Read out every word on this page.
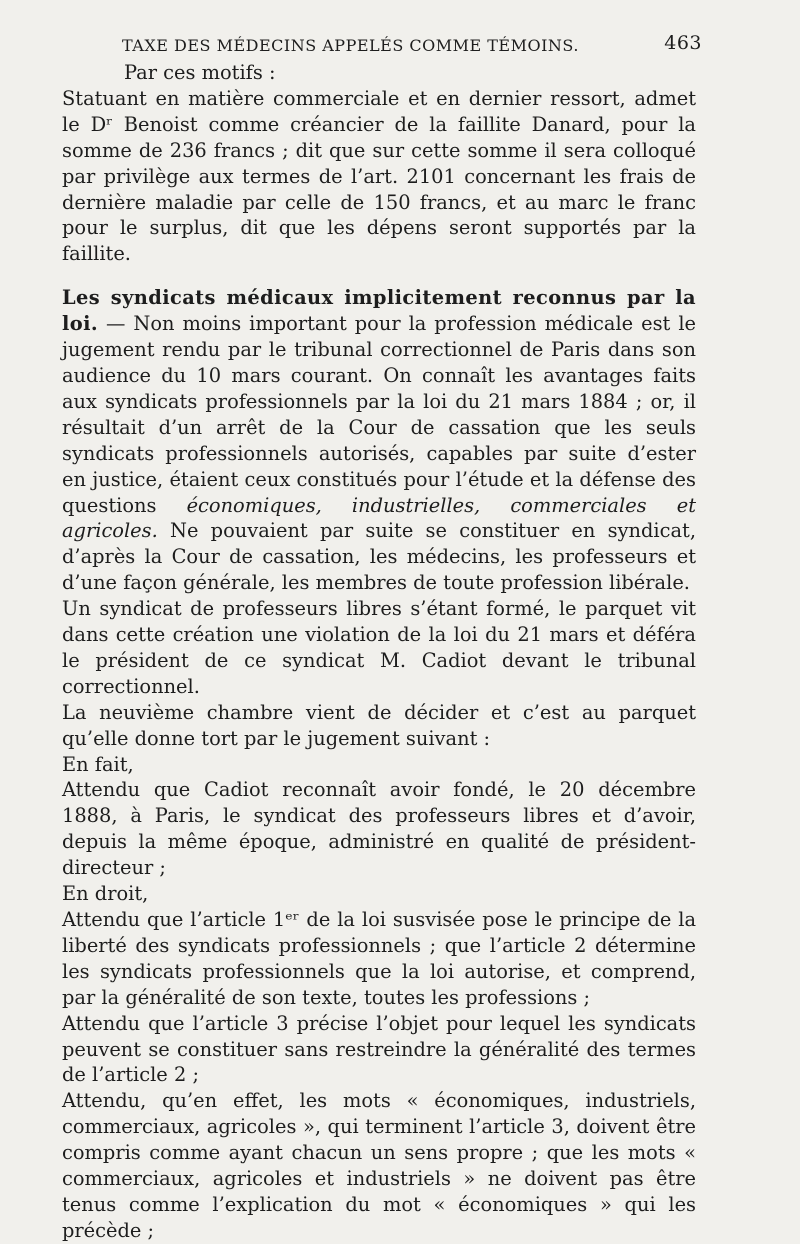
TAXE DES MÉDECINS APPELÉS COMME TÉMOINS.	463

Par ces motifs :

Statuant en matière commerciale et en dernier ressort, admet le Dʳ Benoist comme créancier de la faillite Danard, pour la somme de 236 francs ; dit que sur cette somme il sera colloqué par privilège aux termes de l’art. 2101 concernant les frais de dernière maladie par celle de 150 francs, et au marc le franc pour le surplus, dit que les dépens seront supportés par la faillite.

Les syndicats médicaux implicitement reconnus par la loi. — Non moins important pour la profession médicale est le jugement rendu par le tribunal correctionnel de Paris dans son audience du 10 mars courant. On connaît les avantages faits aux syndicats professionnels par la loi du 21 mars 1884 ; or, il résultait d’un arrêt de la Cour de cassation que les seuls syndicats professionnels autorisés, capables par suite d’ester en justice, étaient ceux constitués pour l’étude et la défense des questions économiques, industrielles, commerciales et agricoles. Ne pouvaient par suite se constituer en syndicat, d’après la Cour de cassation, les médecins, les professeurs et d’une façon générale, les membres de toute profession libérale.

Un syndicat de professeurs libres s’étant formé, le parquet vit dans cette création une violation de la loi du 21 mars et déféra le président de ce syndicat M. Cadiot devant le tribunal correctionnel.

La neuvième chambre vient de décider et c’est au parquet qu’elle donne tort par le jugement suivant :

En fait,

Attendu que Cadiot reconnaît avoir fondé, le 20 décembre 1888, à Paris, le syndicat des professeurs libres et d’avoir, depuis la même époque, administré en qualité de président-directeur ;

En droit,

Attendu que l’article 1ᵉʳ de la loi susvisée pose le principe de la liberté des syndicats professionnels ; que l’article 2 détermine les syndicats professionnels que la loi autorise, et comprend, par la généralité de son texte, toutes les professions ;

Attendu que l’article 3 précise l’objet pour lequel les syndicats peuvent se constituer sans restreindre la généralité des termes de l’article 2 ;

Attendu, qu’en effet, les mots « économiques, industriels, commerciaux, agricoles », qui terminent l’article 3, doivent être compris comme ayant chacun un sens propre ; que les mots « commerciaux, agricoles et industriels » ne doivent pas être tenus comme l’explication du mot « économiques » qui les précède ;
